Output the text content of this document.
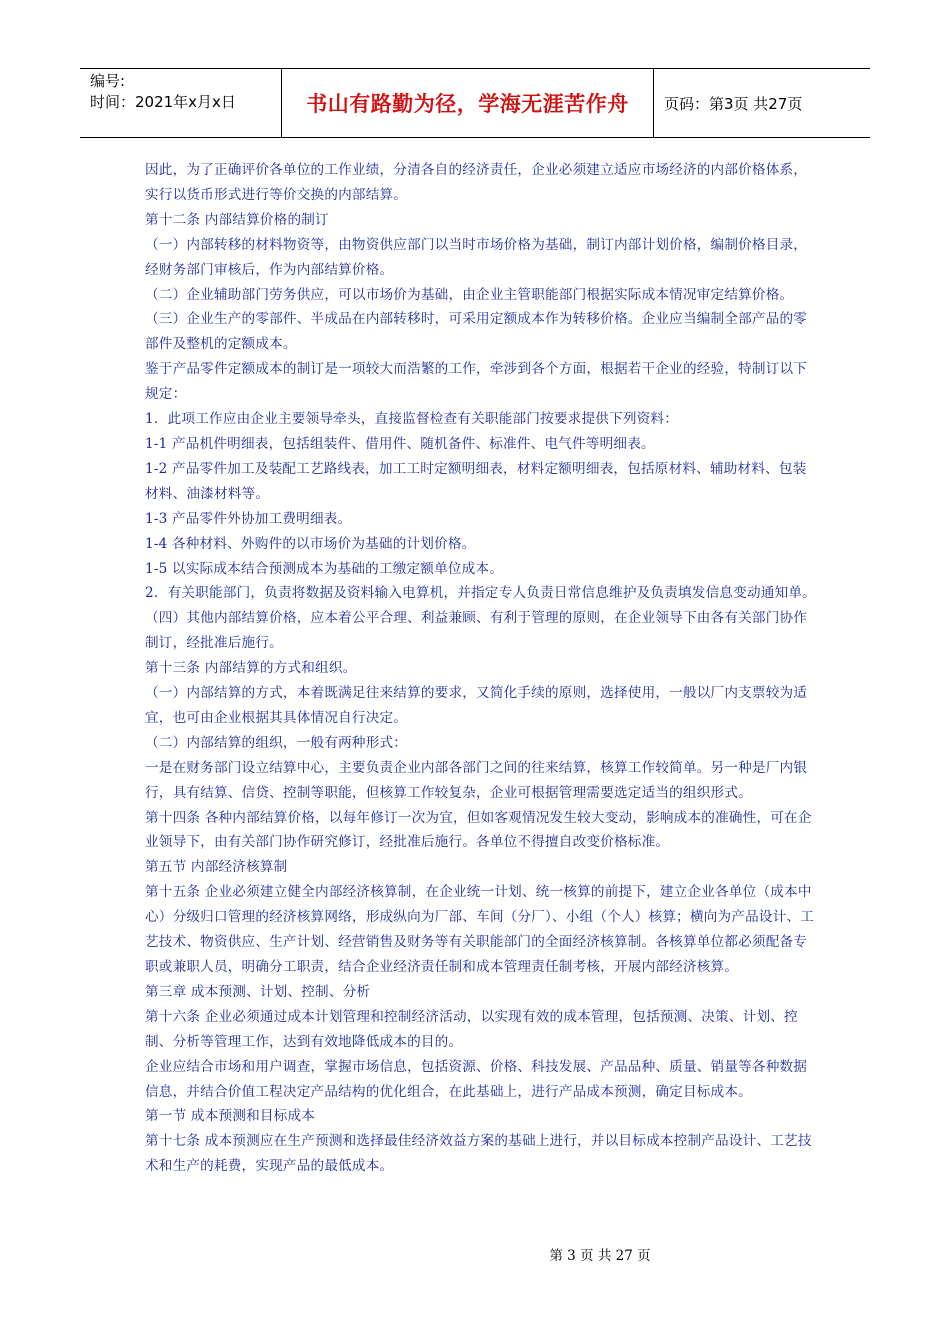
编号:
时间：2021年x月x日	书山有路勤为径，学海无涯苦作舟	页码：第3页 共27页

因此，为了正确评价各单位的工作业绩，分清各自的经济责任，企业必须建立适应市场经济的内部价格体系，实行以货币形式进行等价交换的内部结算。

第十二条 内部结算价格的制订

（一）内部转移的材料物资等，由物资供应部门以当时市场价格为基础，制订内部计划价格，编制价格目录，经财务部门审核后，作为内部结算价格。

（二）企业辅助部门劳务供应，可以市场价为基础，由企业主管职能部门根据实际成本情况审定结算价格。

（三）企业生产的零部件、半成品在内部转移时，可采用定额成本作为转移价格。企业应当编制全部产品的零部件及整机的定额成本。

鉴于产品零件定额成本的制订是一项较大而浩繁的工作，牵涉到各个方面，根据若干企业的经验，特制订以下规定：

1．此项工作应由企业主要领导牵头，直接监督检查有关职能部门按要求提供下列资料：

1-1 产品机件明细表，包括组装件、借用件、随机备件、标准件、电气件等明细表。

1-2 产品零件加工及装配工艺路线表，加工工时定额明细表，材料定额明细表，包括原材料、辅助材料、包装材料、油漆材料等。

1-3 产品零件外协加工费明细表。

1-4 各种材料、外购件的以市场价为基础的计划价格。

1-5 以实际成本结合预测成本为基础的工缴定额单位成本。

2．有关职能部门，负责将数据及资料输入电算机，并指定专人负责日常信息维护及负责填发信息变动通知单。

（四）其他内部结算价格，应本着公平合理、利益兼顾、有利于管理的原则，在企业领导下由各有关部门协作制订，经批准后施行。

第十三条 内部结算的方式和组织。

（一）内部结算的方式，本着既满足往来结算的要求，又简化手续的原则，选择使用，一般以厂内支票较为适宜，也可由企业根据其具体情况自行决定。

（二）内部结算的组织，一般有两种形式：

一是在财务部门设立结算中心，主要负责企业内部各部门之间的往来结算，核算工作较简单。另一种是厂内银行，具有结算、信贷、控制等职能，但核算工作较复杂，企业可根据管理需要选定适当的组织形式。

第十四条 各种内部结算价格，以每年修订一次为宜，但如客观情况发生较大变动，影响成本的准确性，可在企业领导下，由有关部门协作研究修订，经批准后施行。各单位不得擅自改变价格标准。

第五节 内部经济核算制

第十五条 企业必须建立健全内部经济核算制，在企业统一计划、统一核算的前提下，建立企业各单位（成本中心）分级归口管理的经济核算网络，形成纵向为厂部、车间（分厂）、小组（个人）核算；横向为产品设计、工艺技术、物资供应、生产计划、经营销售及财务等有关职能部门的全面经济核算制。各核算单位都必须配备专职或兼职人员，明确分工职责，结合企业经济责任制和成本管理责任制考核，开展内部经济核算。

第三章 成本预测、计划、控制、分析

第十六条 企业必须通过成本计划管理和控制经济活动，以实现有效的成本管理，包括预测、决策、计划、控制、分析等管理工作，达到有效地降低成本的目的。

企业应结合市场和用户调查，掌握市场信息，包括资源、价格、科技发展、产品品种、质量、销量等各种数据信息，并结合价值工程决定产品结构的优化组合，在此基础上，进行产品成本预测，确定目标成本。

第一节 成本预测和目标成本

第十七条 成本预测应在生产预测和选择最佳经济效益方案的基础上进行，并以目标成本控制产品设计、工艺技术和生产的耗费，实现产品的最低成本。

第 3 页 共 27 页
